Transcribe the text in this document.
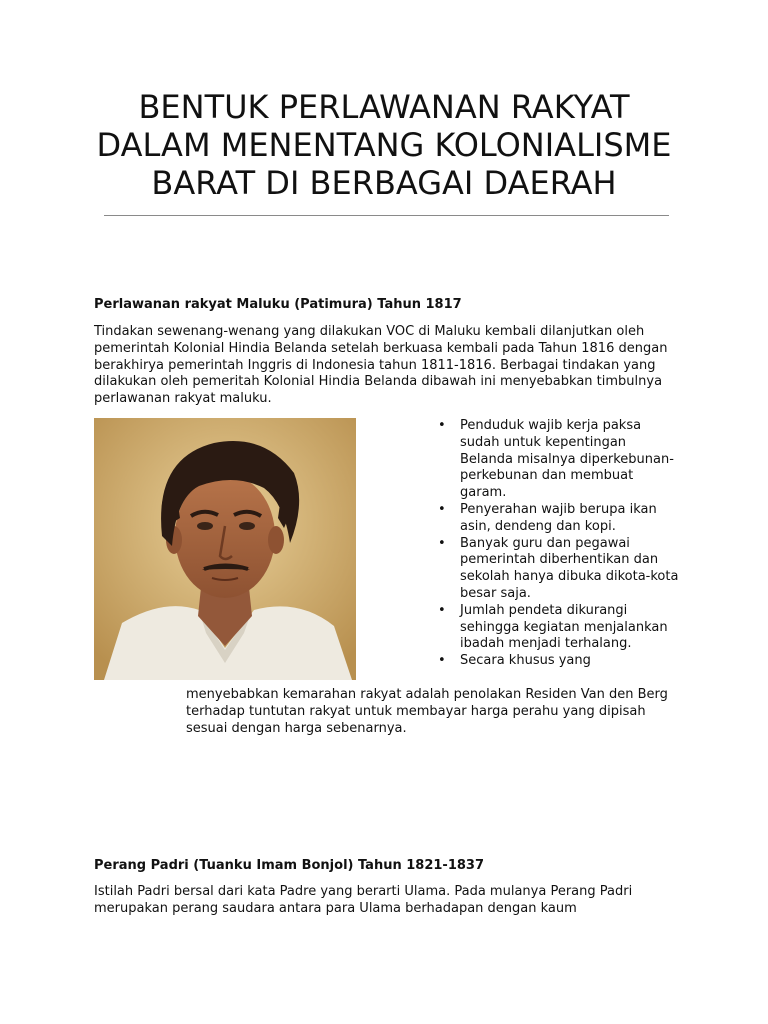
BENTUK PERLAWANAN RAKYAT DALAM MENENTANG KOLONIALISME BARAT DI BERBAGAI DAERAH
Perlawanan rakyat Maluku (Patimura) Tahun 1817

Tindakan sewenang-wenang yang dilakukan VOC di Maluku kembali dilanjutkan oleh pemerintah Kolonial Hindia Belanda setelah berkuasa kembali pada Tahun 1816 dengan berakhirya pemerintah Inggris di Indonesia tahun 1811-1816. Berbagai tindakan yang dilakukan oleh pemeritah Kolonial Hindia Belanda dibawah ini menyebabkan timbulnya perlawanan rakyat maluku.

• Penduduk wajib kerja paksa sudah untuk kepentingan Belanda misalnya diperkebunan-perkebunan dan membuat garam.
• Penyerahan wajib berupa ikan asin, dendeng dan kopi.
• Banyak guru dan pegawai pemerintah diberhentikan dan sekolah hanya dibuka dikota-kota besar saja.
• Jumlah pendeta dikurangi sehingga kegiatan menjalankan ibadah menjadi terhalang.
• Secara khusus yang

menyebabkan kemarahan rakyat adalah penolakan Residen Van den Berg terhadap tuntutan rakyat untuk membayar harga perahu yang dipisah sesuai dengan harga sebenarnya.

Perang Padri (Tuanku Imam Bonjol) Tahun 1821-1837

Istilah Padri bersal dari kata Padre yang berarti Ulama. Pada mulanya Perang Padri merupakan perang saudara antara para Ulama berhadapan dengan kaum
